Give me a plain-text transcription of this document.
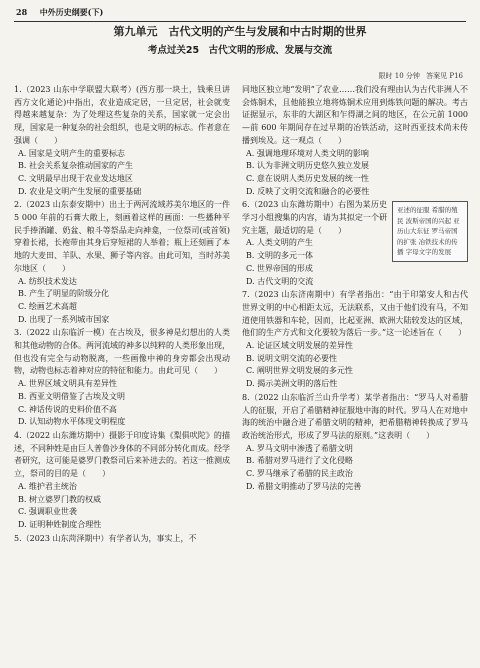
28 中外历史纲要(下)
第九单元　古代文明的产生与发展和中古时期的世界
考点过关25　古代文明的形成、发展与交流
限时 10 分钟 答案见 P16

1.（2023 山东中学联盟大联考）(西方那一块土，钱乘旦讲西方文化通论)中指出，农业造成定居，一旦定居，社会就变得越来越复杂：为了处理这些复杂的关系，国家就一定会出现，国家是一种复杂的社会组织，也是文明的标志。作者意在强调（　　）

A. 国家是文明产生的重要标志
B. 社会关系复杂推动国家的产生
C. 文明最早出现于农业发达地区
D. 农业是文明产生发展的重要基础

2.（2023 山东泰安期中）出土于两河流域苏美尔地区的一件 5 000 年前的石膏大敞上，刻画着这样的画面：一些播种平民手捧酒罐、奶盆、粮斗等祭品走向神龛，一位祭司(或首领)穿着长裙，长袍带由其身后穿短裙的人举着；瓶上还刻画了本地的大麦田、羊队、水果、狮子等内容。由此可知，当时苏美尔地区（　　）

A. 纺织技术发达
B. 产生了明显的阶级分化
C. 绘画艺术高超
D. 出现了一系列城市国家

3.（2022 山东临沂一模）在古埃及，很多神是幻想出的人类和其他动物的合体。两河流域的神多以纯粹的人类形象出现，但也没有完全与动物脱离，一些画像中神的身旁都会出现动物，动物也标志着神对应的特征和能力。由此可见（　　）

A. 世界区域文明具有差异性
B. 西亚文明借鉴了古埃及文明
C. 神话传说的史料价值不高
D. 认知动物水平体现文明程度

4.（2022 山东潍坊期中）摄影于印度诗集《梨俱吠陀》的描述，不同种姓是由巨人普鲁沙身体的不同部分转化而成。经学者研究，这可能是婆罗门教祭司后来补进去的。若这一推测成立，祭司的目的是（　　）

A. 维护君主统治
B. 树立婆罗门教的权威
C. 强调职业世袭
D. 证明种姓制度合理性

5.（2023 山东菏泽期中）有学者认为，事实上，不

同地区独立地“发明”了农业……我们没有理由认为古代非洲人不会炼铜术，且他能独立地将炼铜术应用到炼铁问题的解决。考古证据显示，东非的大湖区和乍得湖之间的地区，在公元前 1000—前 600 年期间存在过早期的冶铁活动，这时西亚技术尚未传播到埃及。这一观点（　　）

A. 强调地理环境对人类文明的影响
B. 认为非洲文明历史悠久独立发展
C. 意在说明人类历史发展的统一性
D. 反映了文明交流和融合的必要性
亚述的征服 希腊的殖民 波斯帝国的兴起 亚历山大东征 罗马帝国的扩张 冶铁技术的传播 字母文字的发展

6.（2023 山东潍坊期中）右图为某历史学习小组搜集的内容，请为其拟定一个研究主题，最适切的是（　　）

A. 人类文明的产生
B. 文明的多元一体
C. 世界帝国的形成
D. 古代文明的交流

7.（2023 山东济南期中）有学者指出：“由于印第安人和古代世界文明的中心相距太远，无法联系，又由于他们没有马，不知道使用铁器和车轮，因而，比起亚洲、欧洲大陆较发达的区域，他们的生产方式和文化要较为落后一步。”这一论述旨在（　　）

A. 论证区域文明发展的差异性
B. 说明文明交流的必要性
C. 阐明世界文明发展的多元性
D. 揭示美洲文明的落后性

8.（2022 山东临沂兰山升学考）某学者指出：“罗马人对希腊人的征服，开启了希腊精神征服地中海的时代。罗马人在对地中海的统治中融合进了希腊文明的精神，把希腊精神转换成了罗马政治统治形式，形成了罗马法的原则。”这表明（　　）

A. 罗马文明中渗透了希腊文明
B. 希腊对罗马进行了文化侵略
C. 罗马继承了希腊的民主政治
D. 希腊文明推动了罗马法的完善
